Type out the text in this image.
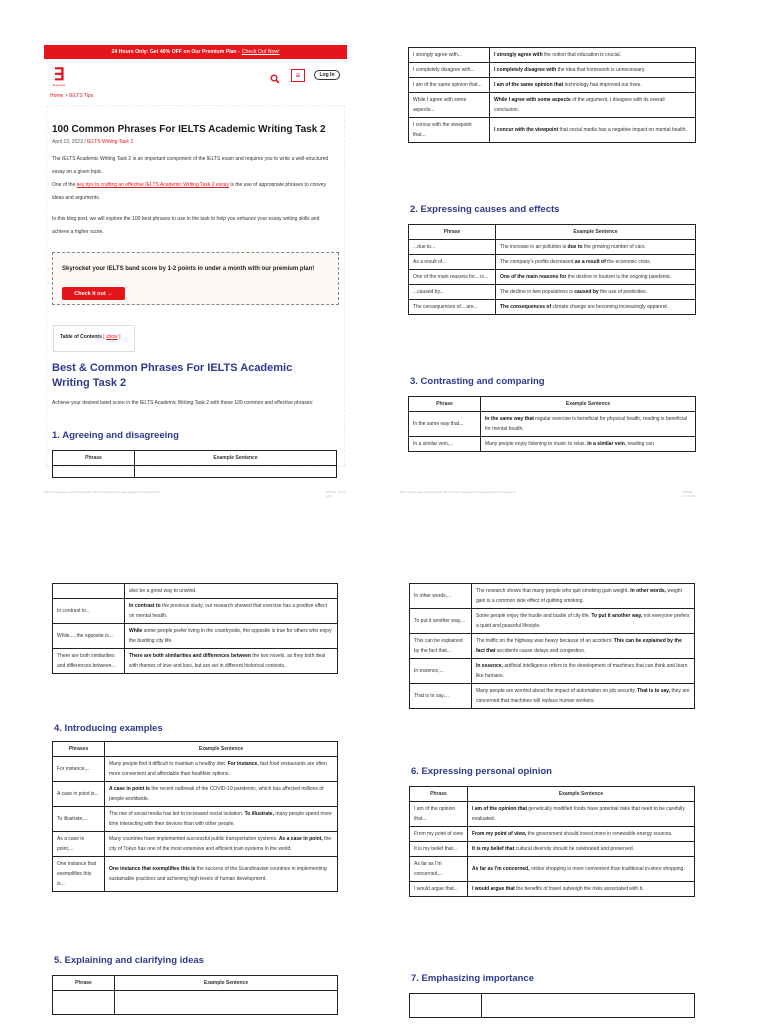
24 Hours Only: Get 40% OFF on Our Premium Plan - Check Out Now!
∃
Engnovate
≡	Log In
Home > IELTS Tips
100 Common Phrases For IELTS Academic Writing Task 2
April 13, 2023 / IELTS Writing Task 2
The IELTS Academic Writing Task 2 is an important component of the IELTS exam and requires you to write a well-structured essay on a given topic.
One of the key tips to crafting an effective IELTS Academic Writing Task 2 essay is the use of appropriate phrases to convey ideas and arguments.
In this blog post, we will explore the 100 best phrases to use in the task to help you enhance your essay writing skills and achieve a higher score.
Skyrocket your IELTS band score by 1-2 points in under a month with our premium plan!
Check it out →
Table of Contents [ show ]
Best & Common Phrases For IELTS Academic Writing Task 2
Achieve your desired band score in the IELTS Academic Writing Task 2 with these 100 common and effective phrases:
1. Agreeing and disagreeing
Phrase	Example Sentence

https://engnovate.com/ielts-tips/100-common-phrases-for-ielts-academic-writing-task-2/	4/28/23, 10:31 AM
I strongly agree with...	I strongly agree with the notion that education is crucial.
I completely disagree with...	I completely disagree with the idea that homework is unnecessary.
I am of the same opinion that...	I am of the same opinion that technology has improved our lives.
While I agree with some aspects...	While I agree with some aspects of the argument, I disagree with its overall conclusion.
I concur with the viewpoint that...	I concur with the viewpoint that social media has a negative impact on mental health.
2. Expressing causes and effects
Phrase	Example Sentence
...due to...	The increase in air pollution is due to the growing number of cars.
As a result of...	The company's profits decreased as a result of the economic crisis.
One of the main reasons for... is...	One of the main reasons for the decline in tourism is the ongoing pandemic.
...caused by...	The decline in bee populations is caused by the use of pesticides.
The consequences of... are...	The consequences of climate change are becoming increasingly apparent.
3. Contrasting and comparing
Phrase	Example Sentence
In the same way that...	In the same way that regular exercise is beneficial for physical health, reading is beneficial for mental health.
In a similar vein,...	Many people enjoy listening to music to relax. In a similar vein, reading can
https://engnovate.com/ielts-tips/100-common-phrases-for-ielts-academic-writing-task-2/	4/28/23, 10:31 AM
	also be a great way to unwind.
In contrast to...	In contrast to the previous study, our research showed that exercise has a positive effect on mental health.
While..., the opposite is...	While some people prefer living in the countryside, the opposite is true for others who enjoy the bustling city life.
There are both similarities and differences between...	There are both similarities and differences between the two novels, as they both deal with themes of love and loss, but are set in different historical contexts.
4. Introducing examples
Phrases	Example Sentence
For instance,...	Many people find it difficult to maintain a healthy diet. For instance, fast food restaurants are often more convenient and affordable than healthier options.
A case in point is...	A case in point is the recent outbreak of the COVID-19 pandemic, which has affected millions of people worldwide.
To illustrate,...	The rise of social media has led to increased social isolation. To illustrate, many people spend more time interacting with their devices than with other people.
As a case in point,...	Many countries have implemented successful public transportation systems. As a case in point, the city of Tokyo has one of the most extensive and efficient train systems in the world.
One instance that exemplifies this is...	One instance that exemplifies this is the success of the Scandinavian countries in implementing sustainable practices and achieving high levels of human development.
5. Explaining and clarifying ideas
Phrase	Example Sentence

In other words,...	The research shows that many people who quit smoking gain weight. In other words, weight gain is a common side effect of quitting smoking.
To put it another way,...	Some people enjoy the hustle and bustle of city life. To put it another way, not everyone prefers a quiet and peaceful lifestyle.
This can be explained by the fact that...	The traffic on the highway was heavy because of an accident. This can be explained by the fact that accidents cause delays and congestion.
In essence,...	In essence, artificial intelligence refers to the development of machines that can think and learn like humans.
That is to say,...	Many people are worried about the impact of automation on job security. That is to say, they are concerned that machines will replace human workers.
6. Expressing personal opinion
Phrase	Example Sentence
I am of the opinion that...	I am of the opinion that genetically modified foods have potential risks that need to be carefully evaluated.
From my point of view	From my point of view, the government should invest more in renewable energy sources.
It is my belief that...	It is my belief that cultural diversity should be celebrated and preserved.
As far as I'm concerned,...	As far as I'm concerned, online shopping is more convenient than traditional in-store shopping.
I would argue that...	I would argue that the benefits of travel outweigh the risks associated with it.
7. Emphasizing importance
